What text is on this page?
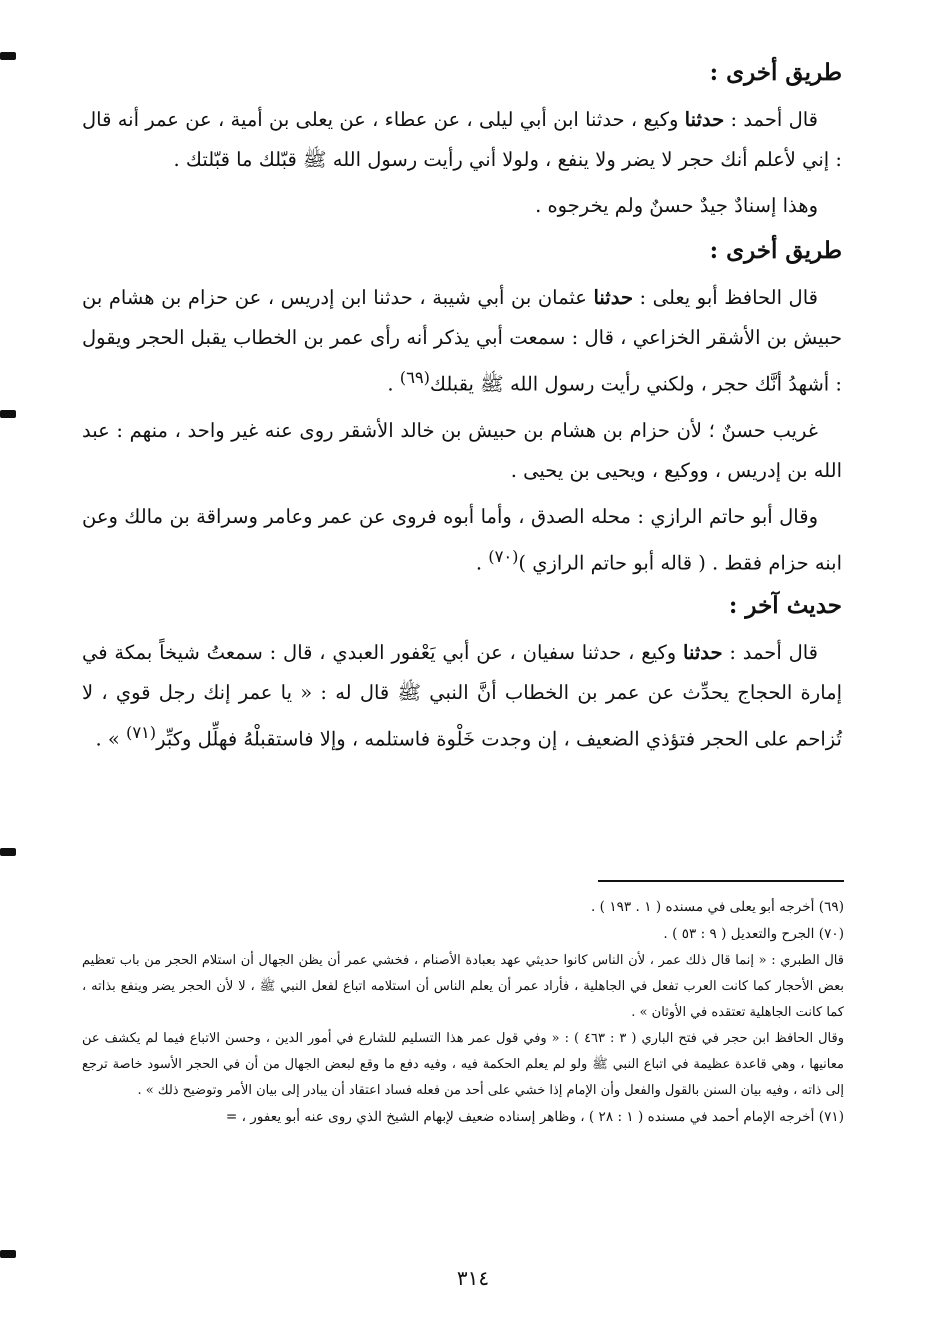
طريق أخرى :

قال أحمد : حدثنا وكيع ، حدثنا ابن أبي ليلى ، عن عطاء ، عن يعلى بن أمية ، عن عمر أنه قال : إني لأعلم أنك حجر لا يضر ولا ينفع ، ولولا أني رأيت رسول الله ﷺ قبّلك ما قبّلتك .

وهذا إسنادٌ جيدٌ حسنٌ ولم يخرجوه .

طريق أخرى :

قال الحافظ أبو يعلى : حدثنا عثمان بن أبي شيبة ، حدثنا ابن إدريس ، عن حزام بن هشام بن حبيش بن الأشقر الخزاعي ، قال : سمعت أبي يذكر أنه رأى عمر بن الخطاب يقبل الحجر ويقول : أشهدُ أنَّك حجر ، ولكني رأيت رسول الله ﷺ يقبلك$^{(٦٩)}$ .

غريب حسنٌ ؛ لأن حزام بن هشام بن حبيش بن خالد الأشقر روى عنه غير واحد ، منهم : عبد الله بن إدريس ، ووكيع ، ويحيى بن يحيى .

وقال أبو حاتم الرازي : محله الصدق ، وأما أبوه فروى عن عمر وعامر وسراقة بن مالك وعن ابنه حزام فقط . ( قاله أبو حاتم الرازي )$^{(٧٠)}$ .

حديث آخر :

قال أحمد : حدثنا وكيع ، حدثنا سفيان ، عن أبي يَعْفور العبدي ، قال : سمعتُ شيخاً بمكة في إمارة الحجاج يحدِّث عن عمر بن الخطاب أنَّ النبي ﷺ قال له : « يا عمر إنك رجل قوي ، لا تُزاحم على الحجر فتؤذي الضعيف ، إن وجدت خَلْوة فاستلمه ، وإلا فاستقبلْهُ فهلِّل وكبِّر$^{(٧١)}$ » .

(٦٩) أخرجه أبو يعلى في مسنده ( ١ . ١٩٣ ) .

(٧٠) الجرح والتعديل ( ٩ : ٥٣ ) .

قال الطبري : « إنما قال ذلك عمر ، لأن الناس كانوا حديثي عهد بعبادة الأصنام ، فخشي عمر أن يظن الجهال أن استلام الحجر من باب تعظيم بعض الأحجار كما كانت العرب تفعل في الجاهلية ، فأراد عمر أن يعلم الناس أن استلامه اتباع لفعل النبي ﷺ ، لا لأن الحجر يضر وينفع بذاته ، كما كانت الجاهلية تعتقده في الأوثان » .

وقال الحافظ ابن حجر في فتح الباري ( ٣ : ٤٦٣ ) : « وفي قول عمر هذا التسليم للشارع في أمور الدين ، وحسن الاتباع فيما لم يكشف عن معانيها ، وهي قاعدة عظيمة في اتباع النبي ﷺ ولو لم يعلم الحكمة فيه ، وفيه دفع ما وقع لبعض الجهال من أن في الحجر الأسود خاصة ترجع إلى ذاته ، وفيه بيان السنن بالقول والفعل وأن الإمام إذا خشي على أحد من فعله فساد اعتقاد أن يبادر إلى بيان الأمر وتوضيح ذلك » .

(٧١) أخرجه الإمام أحمد في مسنده ( ١ : ٢٨ ) ، وظاهر إسناده ضعيف لإبهام الشيخ الذي روى عنه أبو يعفور ، =

٣١٤
